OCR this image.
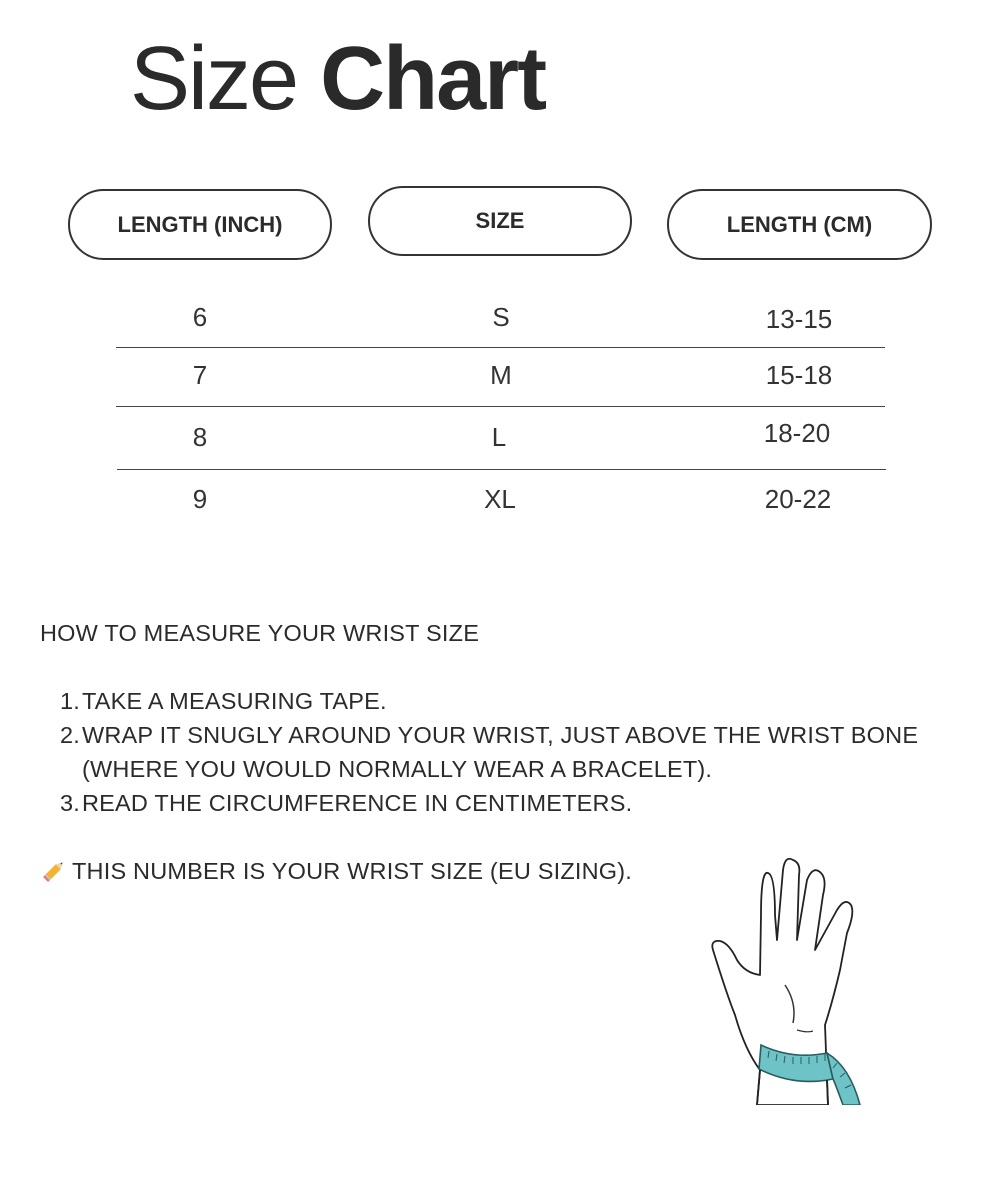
Size Chart
LENGTH (INCH)	SIZE	LENGTH (CM)
6	S	13-15
7	M	15-18
8	L	18-20
9	XL	20-22
HOW TO MEASURE YOUR WRIST SIZE
1. TAKE A MEASURING TAPE.
2. WRAP IT SNUGLY AROUND YOUR WRIST, JUST ABOVE THE WRIST BONE
(WHERE YOU WOULD NORMALLY WEAR A BRACELET).
3. READ THE CIRCUMFERENCE IN CENTIMETERS.
THIS NUMBER IS YOUR WRIST SIZE (EU SIZING).
